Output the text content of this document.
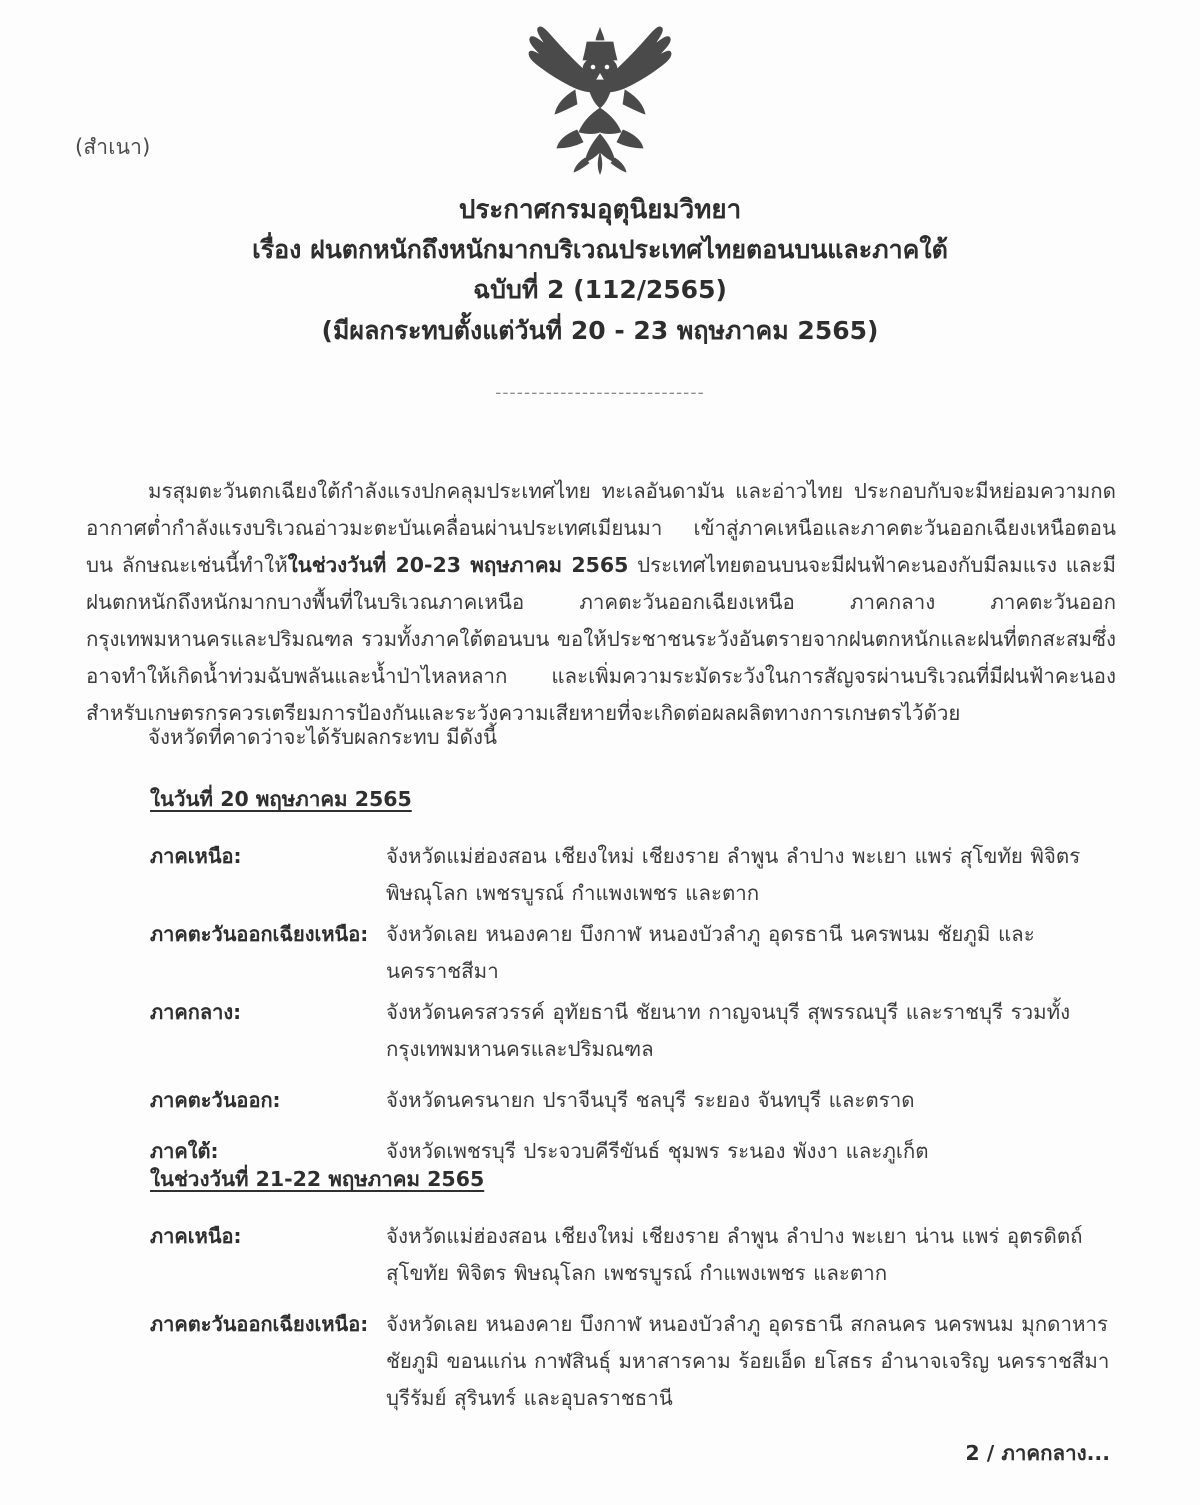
(สำเนา)
ประกาศกรมอุตุนิยมวิทยา
เรื่อง ฝนตกหนักถึงหนักมากบริเวณประเทศไทยตอนบนและภาคใต้
ฉบับที่ 2 (112/2565)
(มีผลกระทบตั้งแต่วันที่ 20 - 23 พฤษภาคม 2565)
-----------------------------

มรสุมตะวันตกเฉียงใต้กำลังแรงปกคลุมประเทศไทย ทะเลอันดามัน และอ่าวไทย ประกอบกับจะมีหย่อมความกดอากาศต่ำกำลังแรงบริเวณอ่าวมะตะบันเคลื่อนผ่านประเทศเมียนมา เข้าสู่ภาคเหนือและภาคตะวันออกเฉียงเหนือตอนบน ลักษณะเช่นนี้ทำให้ในช่วงวันที่ 20-23 พฤษภาคม 2565 ประเทศไทยตอนบนจะมีฝนฟ้าคะนองกับมีลมแรง และมีฝนตกหนักถึงหนักมากบางพื้นที่ในบริเวณภาคเหนือ ภาคตะวันออกเฉียงเหนือ ภาคกลาง ภาคตะวันออก กรุงเทพมหานครและปริมณฑล รวมทั้งภาคใต้ตอนบน ขอให้ประชาชนระวังอันตรายจากฝนตกหนักและฝนที่ตกสะสมซึ่งอาจทำให้เกิดน้ำท่วมฉับพลันและน้ำป่าไหลหลาก และเพิ่มความระมัดระวังในการสัญจรผ่านบริเวณที่มีฝนฟ้าคะนอง สำหรับเกษตรกรควรเตรียมการป้องกันและระวังความเสียหายที่จะเกิดต่อผลผลิตทางการเกษตรไว้ด้วย

จังหวัดที่คาดว่าจะได้รับผลกระทบ มีดังนี้
ในวันที่ 20 พฤษภาคม 2565
ภาคเหนือ:	จังหวัดแม่ฮ่องสอน เชียงใหม่ เชียงราย ลำพูน ลำปาง พะเยา แพร่ สุโขทัย พิจิตร พิษณุโลก เพชรบูรณ์ กำแพงเพชร และตาก
ภาคตะวันออกเฉียงเหนือ: จังหวัดเลย หนองคาย บึงกาฬ หนองบัวลำภู อุดรธานี นครพนม ชัยภูมิ และนครราชสีมา
ภาคกลาง:	จังหวัดนครสวรรค์ อุทัยธานี ชัยนาท กาญจนบุรี สุพรรณบุรี และราชบุรี รวมทั้งกรุงเทพมหานครและปริมณฑล
ภาคตะวันออก:	จังหวัดนครนายก ปราจีนบุรี ชลบุรี ระยอง จันทบุรี และตราด
ภาคใต้:	จังหวัดเพชรบุรี ประจวบคีรีขันธ์ ชุมพร ระนอง พังงา และภูเก็ต
ในช่วงวันที่ 21-22 พฤษภาคม 2565
ภาคเหนือ:	จังหวัดแม่ฮ่องสอน เชียงใหม่ เชียงราย ลำพูน ลำปาง พะเยา น่าน แพร่ อุตรดิตถ์ สุโขทัย พิจิตร พิษณุโลก เพชรบูรณ์ กำแพงเพชร และตาก
ภาคตะวันออกเฉียงเหนือ: จังหวัดเลย หนองคาย บึงกาฬ หนองบัวลำภู อุดรธานี สกลนคร นครพนม มุกดาหาร ชัยภูมิ ขอนแก่น กาฬสินธุ์ มหาสารคาม ร้อยเอ็ด ยโสธร อำนาจเจริญ นครราชสีมา บุรีรัมย์ สุรินทร์ และอุบลราชธานี
2 / ภาคกลาง...
